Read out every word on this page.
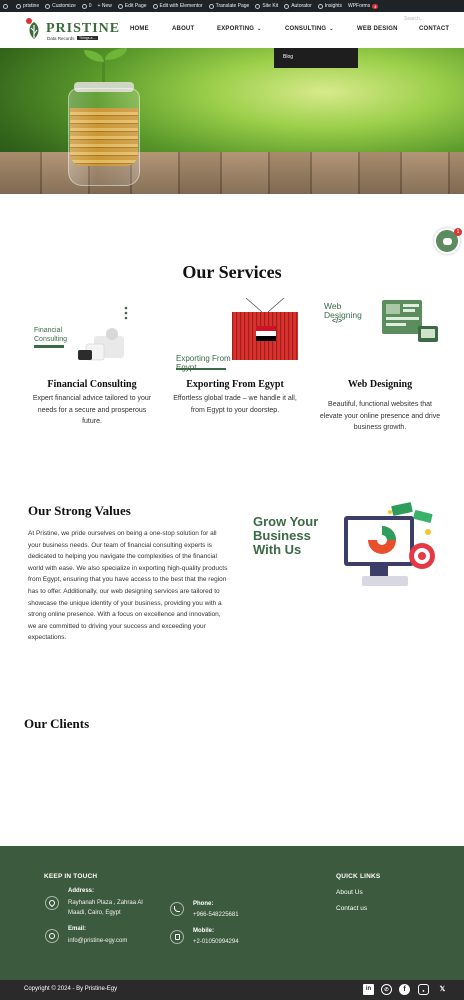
pristine	Customize	0 + New	Edit Page	Edit with Elementor	Translate Page	Site Kit	Autorator	Insights WPForms	4
PRISTINE
Data Records	Things a ...
Search..
HOME	ABOUT	EXPORTING ⌄	CONSULTING ⌄	WEB DESIGN	CONTACT
Blog
1
Our Services
Financial Consulting
Exporting From Egypt
Web Designing
</>
Financial Consulting
Expert financial advice tailored to your needs for a secure and prosperous future.
Exporting From Egypt
Effortless global trade – we handle it all, from Egypt to your doorstep.
Web Designing
Beautiful, functional websites that elevate your online presence and drive business growth.
Our Strong Values

At Pristine, we pride ourselves on being a one-stop solution for all your business needs. Our team of financial consulting experts is dedicated to helping you navigate the complexities of the financial world with ease. We also specialize in exporting high-quality products from Egypt, ensuring that you have access to the best that the region has to offer. Additionally, our web designing services are tailored to showcase the unique identity of your business, providing you with a strong online presence. With a focus on excellence and innovation, we are committed to driving your success and exceeding your expectations.

Grow Your Business With Us
Our Clients
KEEP IN TOUCH
Address:
Rayhanah Plaza , Zahraa Al Maadi, Cairo, Egypt
Email:
info@pristine-egy.com
Phone:
+966-548225681
Mobile:
+2-01050994294
QUICK LINKS
About Us
Contact us
Copyright © 2024 - By Pristine-Egy	in	✆	f	●	𝕏
